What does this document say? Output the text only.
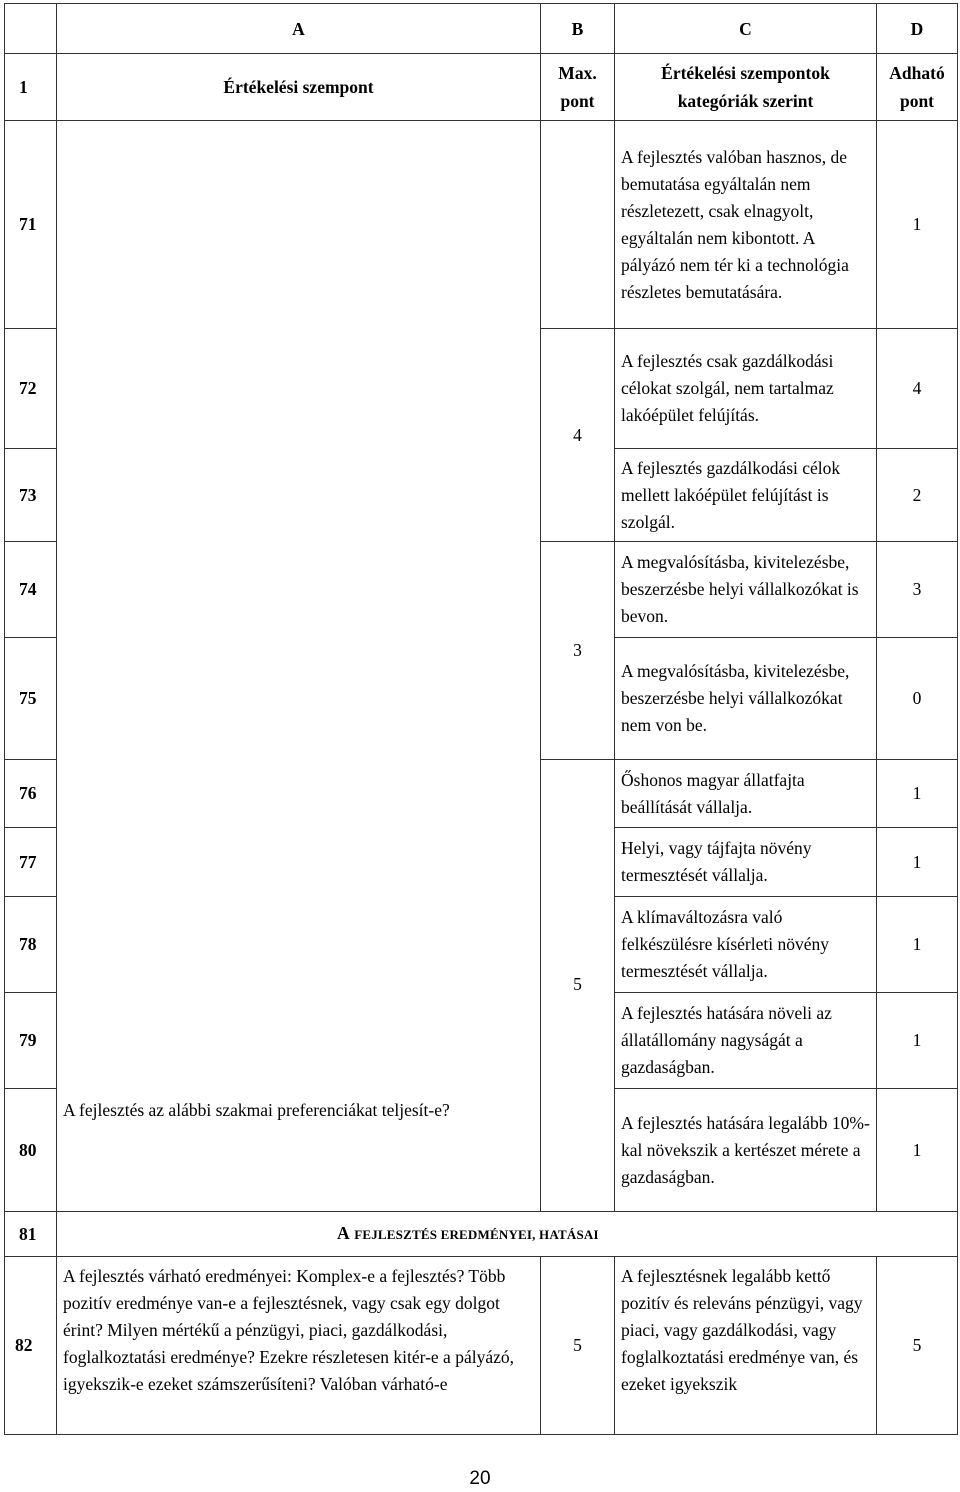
	A	B	C	D
1	Értékelési szempont	Max. pont	Értékelési szempontok kategóriák szerint	Adható pont
71	A fejlesztés az alábbi szakmai preferenciákat teljesít-e?		A fejlesztés valóban hasznos, de bemutatása egyáltalán nem részletezett, csak elnagyolt, egyáltalán nem kibontott. A pályázó nem tér ki a technológia részletes bemutatására.	1
72		4	A fejlesztés csak gazdálkodási célokat szolgál, nem tartalmaz lakóépület felújítás.	4
73			A fejlesztés gazdálkodási célok mellett lakóépület felújítást is szolgál.	2
74		3	A megvalósításba, kivitelezésbe, beszerzésbe helyi vállalkozókat is bevon.	3
75			A megvalósításba, kivitelezésbe, beszerzésbe helyi vállalkozókat nem von be.	0
76		5	Őshonos magyar állatfajta beállítását vállalja.	1
77			Helyi, vagy tájfajta növény termesztését vállalja.	1
78			A klímaváltozásra való felkészülésre kísérleti növény termesztését vállalja.	1
79			A fejlesztés hatására növeli az állatállomány nagyságát a gazdaságban.	1
80			A fejlesztés hatására legalább 10%-kal növekszik a kertészet mérete a gazdaságban.	1
81	A FEJLESZTÉS EREDMÉNYEI, HATÁSAI			
82	A fejlesztés várható eredményei: Komplex-e a fejlesztés? Több pozitív eredménye van-e a fejlesztésnek, vagy csak egy dolgot érint? Milyen mértékű a pénzügyi, piaci, gazdálkodási, foglalkoztatási eredménye? Ezekre részletesen kitér-e a pályázó, igyekszik-e ezeket számszerűsíteni? Valóban várható-e	5	A fejlesztésnek legalább kettő pozitív és releváns pénzügyi, vagy piaci, vagy gazdálkodási, vagy foglalkoztatási eredménye van, és ezeket igyekszik	5
20
